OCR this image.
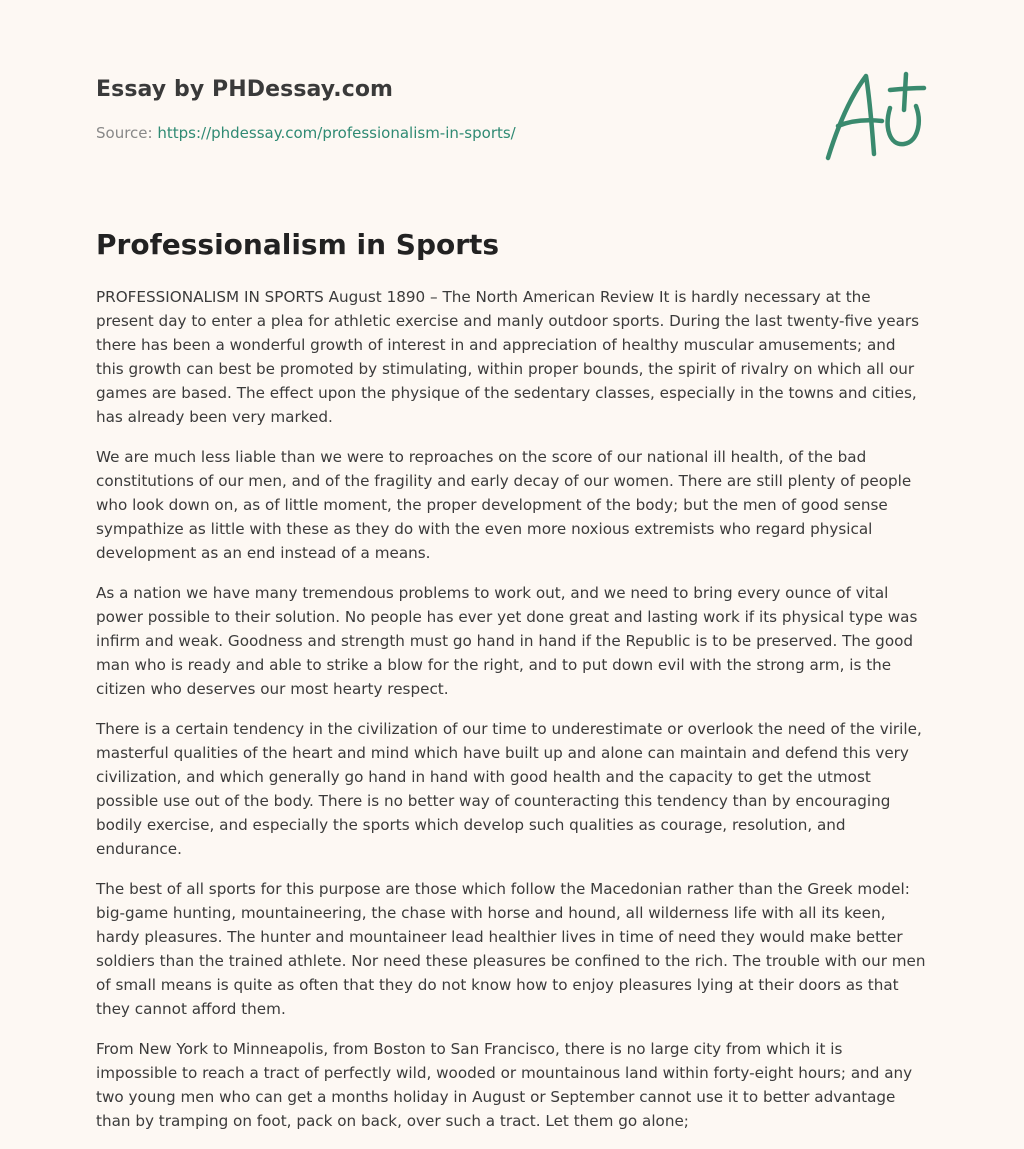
Essay by PHDessay.com
Source: https://phdessay.com/professionalism-in-sports/
Professionalism in Sports

PROFESSIONALISM IN SPORTS August 1890 – The North American Review It is hardly necessary at the present day to enter a plea for athletic exercise and manly outdoor sports. During the last twenty-five years there has been a wonderful growth of interest in and appreciation of healthy muscular amusements; and this growth can best be promoted by stimulating, within proper bounds, the spirit of rivalry on which all our games are based. The effect upon the physique of the sedentary classes, especially in the towns and cities, has already been very marked.

We are much less liable than we were to reproaches on the score of our national ill health, of the bad constitutions of our men, and of the fragility and early decay of our women. There are still plenty of people who look down on, as of little moment, the proper development of the body; but the men of good sense sympathize as little with these as they do with the even more noxious extremists who regard physical development as an end instead of a means.

As a nation we have many tremendous problems to work out, and we need to bring every ounce of vital power possible to their solution. No people has ever yet done great and lasting work if its physical type was infirm and weak. Goodness and strength must go hand in hand if the Republic is to be preserved. The good man who is ready and able to strike a blow for the right, and to put down evil with the strong arm, is the citizen who deserves our most hearty respect.

There is a certain tendency in the civilization of our time to underestimate or overlook the need of the virile, masterful qualities of the heart and mind which have built up and alone can maintain and defend this very civilization, and which generally go hand in hand with good health and the capacity to get the utmost possible use out of the body. There is no better way of counteracting this tendency than by encouraging bodily exercise, and especially the sports which develop such qualities as courage, resolution, and endurance.

The best of all sports for this purpose are those which follow the Macedonian rather than the Greek model: big-game hunting, mountaineering, the chase with horse and hound, all wilderness life with all its keen, hardy pleasures. The hunter and mountaineer lead healthier lives in time of need they would make better soldiers than the trained athlete. Nor need these pleasures be confined to the rich. The trouble with our men of small means is quite as often that they do not know how to enjoy pleasures lying at their doors as that they cannot afford them.

From New York to Minneapolis, from Boston to San Francisco, there is no large city from which it is impossible to reach a tract of perfectly wild, wooded or mountainous land within forty-eight hours; and any two young men who can get a months holiday in August or September cannot use it to better advantage than by tramping on foot, pack on back, over such a tract. Let them go alone;
